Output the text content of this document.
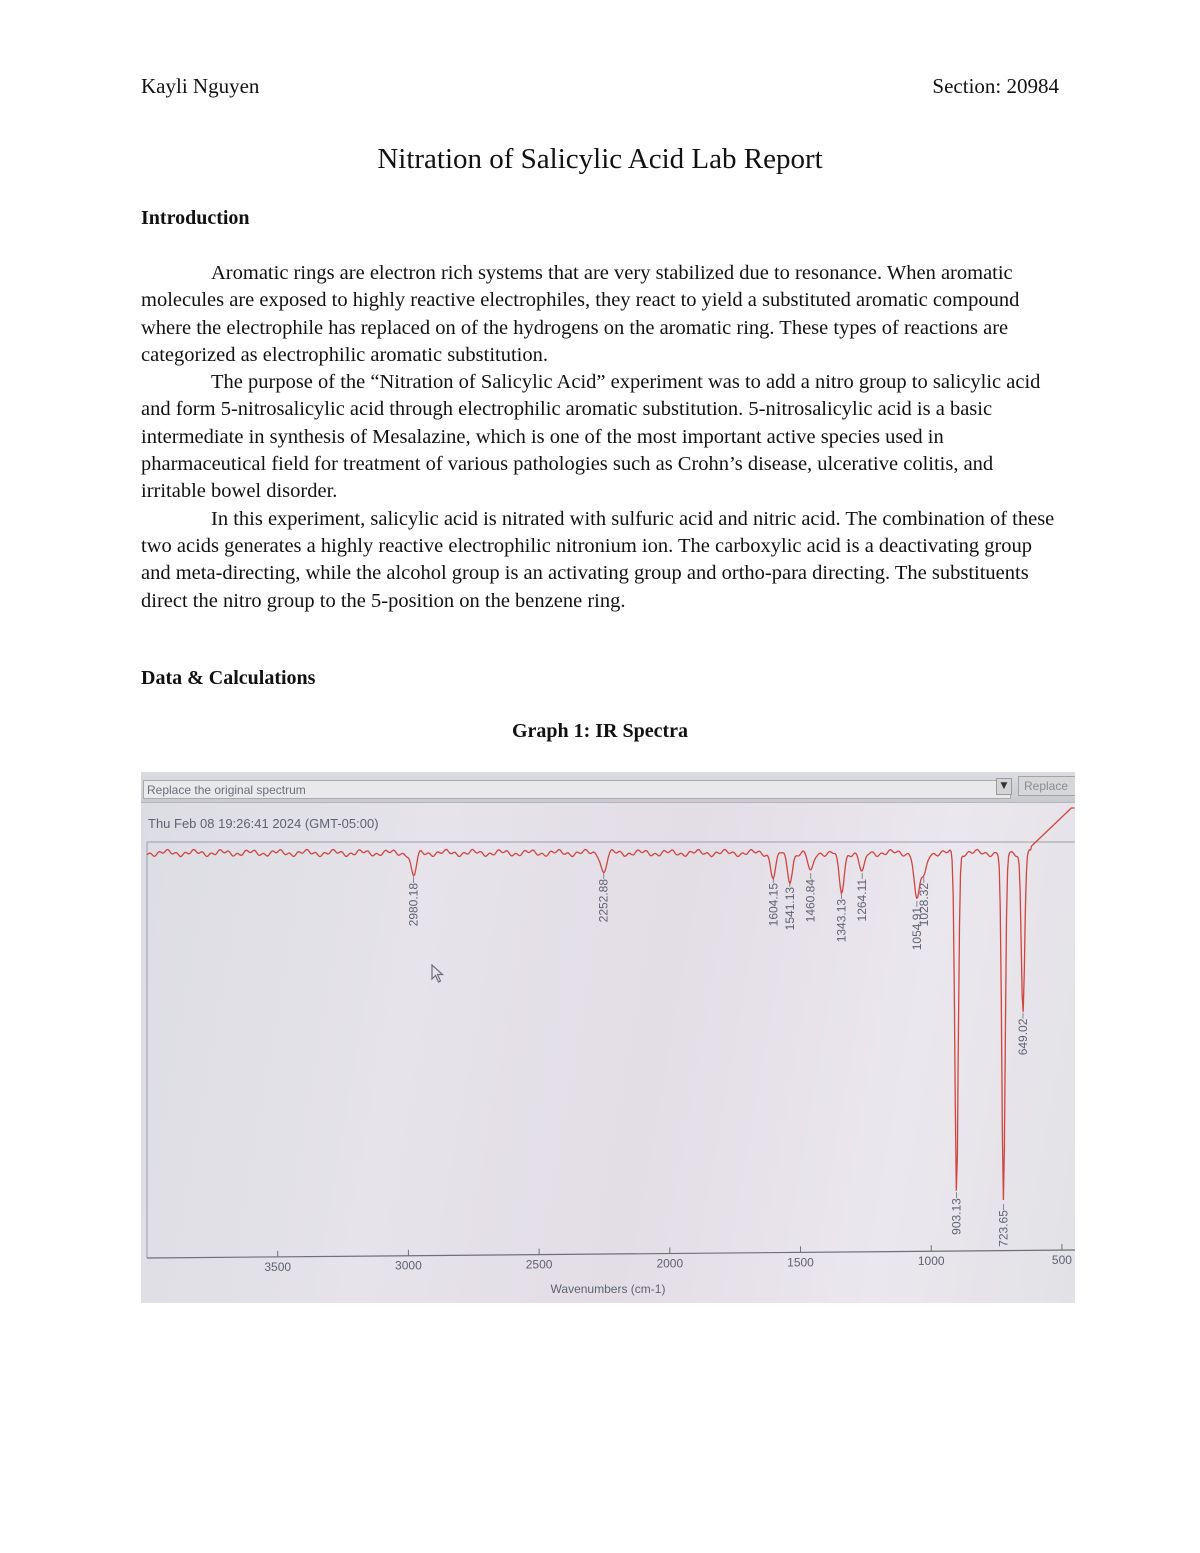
Kayli Nguyen	Section: 20984
Nitration of Salicylic Acid Lab Report
Introduction

Aromatic rings are electron rich systems that are very stabilized due to resonance. When aromatic molecules are exposed to highly reactive electrophiles, they react to yield a substituted aromatic compound where the electrophile has replaced on of the hydrogens on the aromatic ring. These types of reactions are categorized as electrophilic aromatic substitution.

The purpose of the “Nitration of Salicylic Acid” experiment was to add a nitro group to salicylic acid and form 5-nitrosalicylic acid through electrophilic aromatic substitution. 5-nitrosalicylic acid is a basic intermediate in synthesis of Mesalazine, which is one of the most important active species used in pharmaceutical field for treatment of various pathologies such as Crohn’s disease, ulcerative colitis, and irritable bowel disorder.

In this experiment, salicylic acid is nitrated with sulfuric acid and nitric acid. The combination of these two acids generates a highly reactive electrophilic nitronium ion. The carboxylic acid is a deactivating group and meta-directing, while the alcohol group is an activating group and ortho-para directing. The substituents direct the nitro group to the 5-position on the benzene ring.

Data & Calculations
Graph 1: IR Spectra
Replace the original spectrum	▼	Replace
Thu Feb 08 19:26:41 2024 (GMT-05:00)
3500	3000	2500	2000	1500	1000	500
2980.18	2252.88	1604.15 1541.13 1460.84 1343.13 1264.11
1054.91
1028.32
903.13	723.65
649.02
Wavenumbers (cm-1)
